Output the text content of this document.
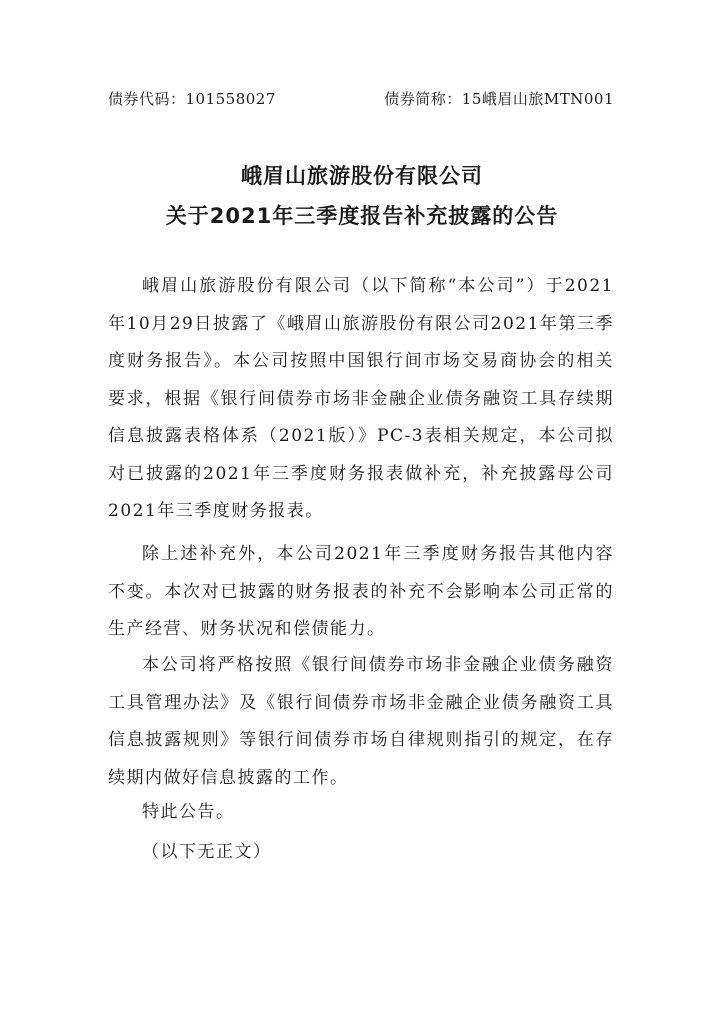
债券代码：101558027	债券简称：15峨眉山旅MTN001
峨眉山旅游股份有限公司
关于2021年三季度报告补充披露的公告

峨眉山旅游股份有限公司（以下简称“本公司”）于2021年10月29日披露了《峨眉山旅游股份有限公司2021年第三季度财务报告》。本公司按照中国银行间市场交易商协会的相关要求，根据《银行间债券市场非金融企业债务融资工具存续期信息披露表格体系（2021版）》PC-3表相关规定，本公司拟对已披露的2021年三季度财务报表做补充，补充披露母公司2021年三季度财务报表。

除上述补充外，本公司2021年三季度财务报告其他内容不变。本次对已披露的财务报表的补充不会影响本公司正常的生产经营、财务状况和偿债能力。

本公司将严格按照《银行间债券市场非金融企业债务融资工具管理办法》及《银行间债券市场非金融企业债务融资工具信息披露规则》等银行间债券市场自律规则指引的规定，在存续期内做好信息披露的工作。

特此公告。
（以下无正文）
